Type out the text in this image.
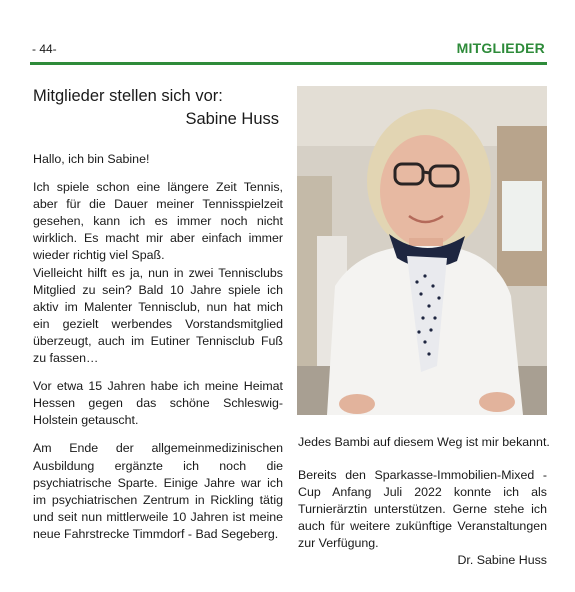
- 44-	MITGLIEDER
Mitglieder stellen sich vor:
Sabine Huss

Hallo, ich bin Sabine!

Ich spiele schon eine längere Zeit Tennis, aber für die Dauer meiner Tennisspielzeit gesehen, kann ich es immer noch nicht wirklich. Es macht mir aber einfach immer wieder richtig viel Spaß.

Vielleicht hilft es ja, nun in zwei Tennisclubs Mitglied zu sein? Bald 10 Jahre spiele ich aktiv im Malenter Tennisclub, nun hat mich ein gezielt werbendes Vorstandsmitglied überzeugt, auch im Eutiner Tennisclub Fuß zu fassen…

Vor etwa 15 Jahren habe ich meine Heimat Hessen gegen das schöne Schleswig-Holstein getauscht.

Am Ende der allgemeinmedizinischen Ausbildung ergänzte ich noch die psychiatrische Sparte. Einige Jahre war ich im psychiatrischen Zentrum in Rickling tätig und seit nun mittlerweile 10 Jahren ist meine neue Fahrstrecke Timmdorf - Bad Segeberg.

Jedes Bambi auf diesem Weg ist mir bekannt.

Bereits den Sparkasse-Immobilien-Mixed -Cup Anfang Juli 2022 konnte ich als Turnierärztin unterstützen. Gerne stehe ich auch für weitere zukünftige Veranstaltungen zur Verfügung.

Dr. Sabine Huss
